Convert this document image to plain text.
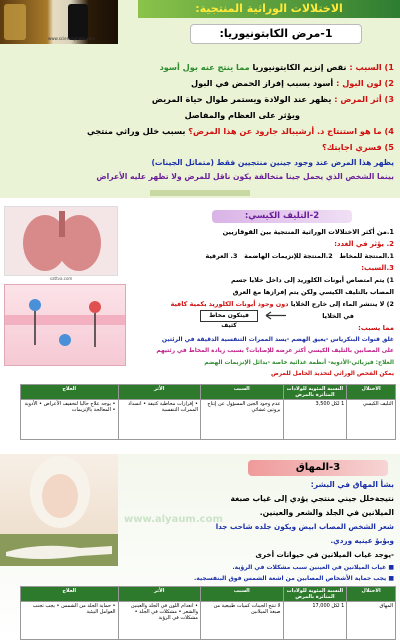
www.sciencephoto.com
الاختلالات الوراثية المنتجية:
1-مرض الكابتونيوريا:
1) السبب : نقص إنزيم الكابتونيوريا مما ينتج عنه بول أسود
2) لون البول : أسود بسبب إفراز الحمض في البول
3) أثر المرض : يظهر عند الولادة ويستمر طوال حياة المريض
ويؤثر على العظام والمفاصل
4) ما هو استنتاج د. أرشيبالد جارود عن هذا المرض؟ بسبب خلل وراثي منتجي
5) فسري اجابتك؟
يظهر هذا المرض عند وجود جينين منتجيين فقط (متماثل الجينات)
بينما الشخص الذي يحمل جينا متخالفة يكون ناقل للمرض ولا تظهر عليه الأعراض
sattva.com
2-التليف الكيسي:
1.من أكثر الاختلالات الوراثية المنتجية بين القوقازيين
2. يؤثر في الغدد:
1.المنتجة للمخاط   2.المنتجة للإنزيمات الهاضمة   3. العرقية
3.السبب:
1) يتم امتصاص أيونات الكلوريد إلى داخل خلايا جسم
المصاب بالتليف الكيسي ولكن يتم إفرازها مع العرق
2) لا ينتشر الماء إلى خارج الخلايا دون وجود أيونات الكلوريد بكمية كافية
في الخلايا
فيتكون مخاط كثيف	مما يسبب:
غلق قنوات البنكرياس -يعيق الهضم -يسد الممرات التنفسية الدقيقة في الرئتين
على المصابين بالتليف الكيسي أكثر عرضه للإصابات؟ بسبب زيادة المخاط في رئتيهم
العلاج: فيزيائي-الأدوية- أنظمة غذائية خاصة -بدائل الإنزيمات الهضم
يمكن الفحص الوراثي لتحديد الحامل للمرض
الاختلال	النسبة المئوية للولادات المتأثرة بالمرض	السبب	الأثر	العلاج
التليف الكيسي	1 لكل 3,500	عدم وجود الجين المسؤول عن إنتاج بروتين غشائي	• إفرازات مخاطية كثيفة • انسداد الممرات التنفسية	• يوجه علاج حاليا لتخفيف الأعراض • الأدوية • المعالجة بالإنزيمات
www.alyaum.com
3-المهاق
بشأ المهاق في البشر:
نتيجةخلل جيني منتجي يؤدي إلى غياب صبغة
الميلانين في الجلد والشعر والعينين.
شعر الشخص المصاب ابيض ويكون جلده شاحب جدا
وبؤبؤ عينيه وردي.
-يوجد غياب الميلانين في حيوانات أخرى
■ غياب الميلانين في العينين سبب مشكلات في الرؤية.
■ يجب حماية الأشخاص المصابين من اشعة الشمس فوق البنفسجية.
الاختلال	النسبة المئوية للولادات المتأثرة بالمرض	السبب	الأثر	العلاج
المهاق	1 لكل 17,000	لا تنتج الجينات كميات طبيعية من صبغة الميلانين	• انعدام اللون في الجلد والعينين والشعر • مشكلات في الجلد • مشكلات في الرؤية	• حماية الجلد من الشمس • يجب تجنب العوامل البيئية
